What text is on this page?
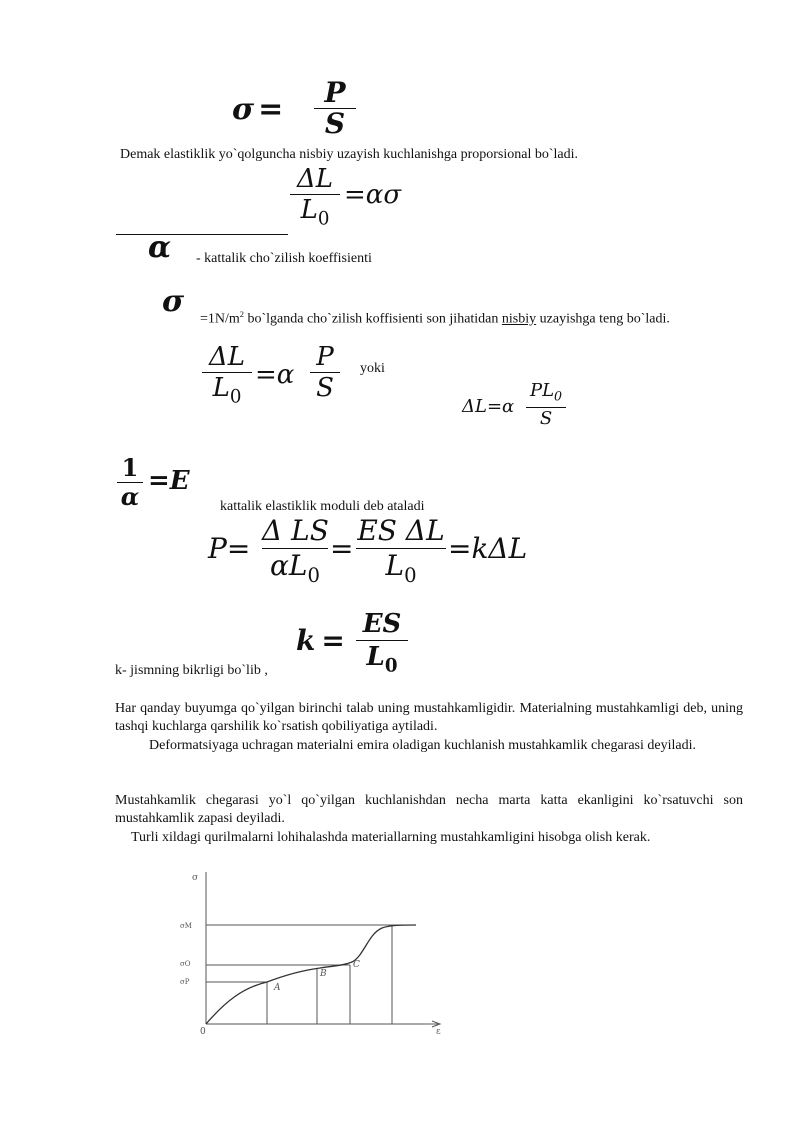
σ =	P
S
Demak elastiklik yo`qolguncha nisbiy uzayish kuchlanishga proporsional bo`ladi.
ΔL
$L_0$
=ασ
α - kattalik cho`zilish koeffisienti
σ
$=1N/m^2$ bo`lganda cho`zilish koffisienti son jihatidan nisbiy uzayishga teng bo`ladi.
ΔL
$L_0$
=α
P
S
yoki
ΔL=α
$PL_0$
S
1
α
=E
kattalik elastiklik moduli deb ataladi
P=
Δ LS
$\alpha L_0$
=
ES ΔL
$L_0$
=kΔL
k = ES
$L_0$
k- jismning bikrligi bo`lib ,
Har qanday buyumga qo`yilgan birinchi talab uning mustahkamligidir. Materialning mustahkamligi deb, uning tashqi kuchlarga qarshilik ko`rsatish qobiliyatiga aytiladi.
Deformatsiyaga uchragan materialni emira oladigan kuchlanish mustahkamlik chegarasi deyiladi.
Mustahkamlik chegarasi yo`l qo`yilgan kuchlanishdan necha marta katta ekanligini ko`rsatuvchi son mustahkamlik zapasi deyiladi.
Turli xildagi qurilmalarni lohihalashda materiallarning mustahkamligini hisobga olish kerak.
σ
ε
0
σM
σO
σP
A
B
C
